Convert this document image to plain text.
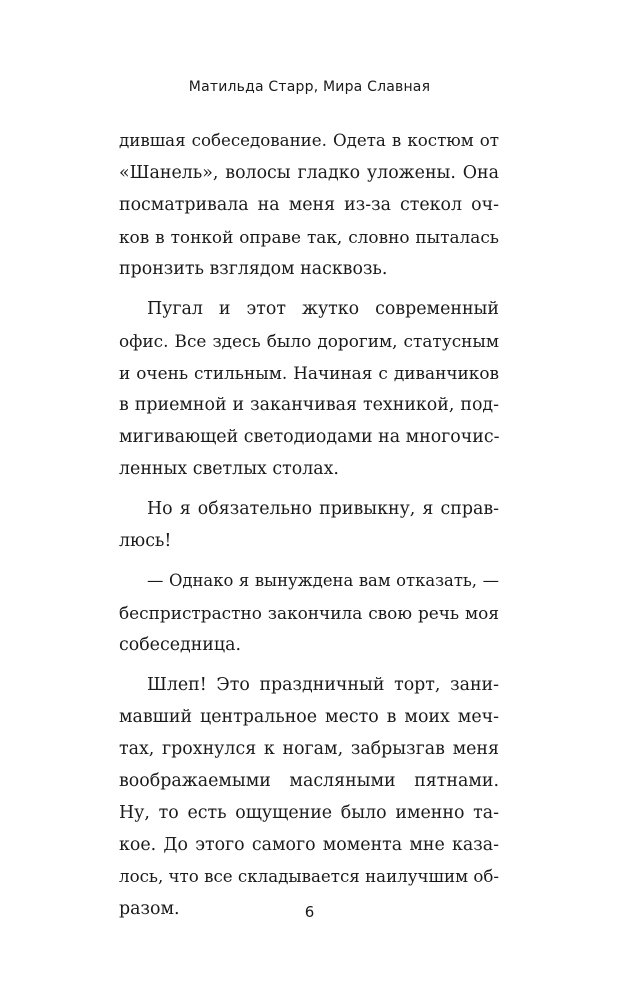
Матильда Старр, Мира Славная
дившая собеседование. Одета в костюм от
«Шанель», волосы гладко уложены. Она
посматривала на меня из-за стекол оч-
ков в тонкой оправе так, словно пыталась
пронзить взглядом насквозь.
Пугал и этот жутко современный
офис. Все здесь было дорогим, статусным
и очень стильным. Начиная с диванчиков
в приемной и заканчивая техникой, под-
мигивающей светодиодами на многочис-
ленных светлых столах.
Но я обязательно привыкну, я справ-
люсь!
— Однако я вынуждена вам отказать, —
беспристрастно закончила свою речь моя
собеседница.
Шлеп! Это праздничный торт, зани-
мавший центральное место в моих меч-
тах, грохнулся к ногам, забрызгав меня
воображаемыми масляными пятнами.
Ну, то есть ощущение было именно та-
кое. До этого самого момента мне каза-
лось, что все складывается наилучшим об-
разом.	6
